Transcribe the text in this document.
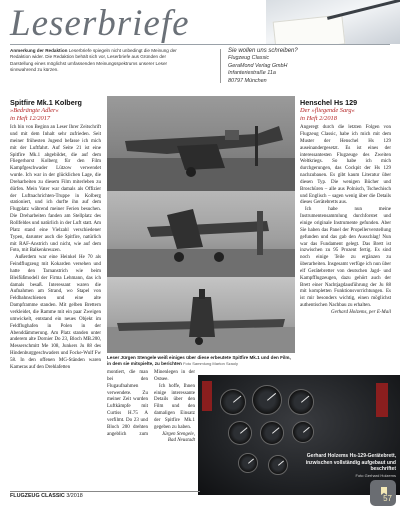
Leserbriefe
Anmerkung der Redaktion Leserbriefe spiegeln nicht unbedingt die Meinung der Redaktion wider. Die Redaktion behält sich vor, Leserbriefe aus Gründen der Darstellung eines möglichst umfassenden Meinungsspektrums unserer Leser sinnwahrend zu kürzen.
Sie wollen uns schreiben?
Flugzeug Classic
GeraMond Verlag GmbH
Infanteriestraße 11a
80797 München
Spitfire Mk.1 Kolberg
»Bedrängte Adler«
in Heft 12/2017

Ich bin von Beginn an Leser Ihrer Zeitschrift und mit dem Inhalt sehr zufrieden. Seit meiner frühesten Jugend befasse ich mich mit der Luftfahrt. Auf Seite 21 ist eine Spitfire Mk.1 abgebildet, die auf dem Fliegerhorst Kolberg für den Film Kampfgeschwader Lützow verwendet wurde. Ich war in der glücklichen Lage, die Dreharbeiten zu diesem Film miterleben zu dürfen. Mein Vater war damals als Offizier der Luftnachrichten-Truppe in Kolberg stationiert, und ich durfte ihn auf dem Flugplatz während meiner Ferien besuchen. Die Dreharbeiten fanden am Stellplatz des Rollfeldes und natürlich in der Luft statt. Am Platz stand eine Vielzahl verschiedener Typen, darunter auch die Spitfire, natürlich mit RAF-Anstrich und nicht, wie auf dem Foto, mit Balkenkreuzen.

Außerdem war eine Heinkel He 70 als Feindflugzeug mit Kokarden versehen und hatte den Tarnanstrich wie beim Bleifüßmodell der Firma Lehmann, das ich damals besaß. Interessant waren die Aufnahmen am Strand, wo Stapel von Feldbahnschienen und eine alte Dampframme standen. Mit gelben Brettern verkleidet, die Ramme mit ein paar Zweigen umwickelt, entstand ein neues Objekt im Feldflughafen in Polen in der Abenddämmerung. Am Platz standen unter anderem alte Dornier Do 23, Bloch MB.200, Messerschmitt Me 108, Junkers Ju 88 des Hindenburggeschwaders und Focke-Wulf Fw 58. In den offenen MG-Ständen waren Kameras auf den Drehlafetten

Leser Jürgen Stengele weiß einiges über diese erbeutete Spitfire Mk.1 und den Film, in dem sie mitspielte, zu berichten Foto Sammlung Marton Szaoly

montiert, die man bei den Flugaufnahmen verwendete. Zu meiner Zeit wurden Luftkämpfe mit Curtiss H.75 A verfilmt. Do 23 und Bloch 200 drehten angeblich zum Minenlegen in der Ostsee.

Ich hoffe, Ihnen einige interessante Details über den Film und den damaligen Einsatz der Spitfire Mk.1 gegeben zu haben.

Jürgen Stengele, Bad Neustadt
Henschel Hs 129
Der »fliegende Sarg«
in Heft 2/2018

Angeregt durch die letzten Folgen von Flugzeug Classic, habe ich mich mit dem Muster der Henschel Hs 129 auseinandergesetzt. Es ist eines der interessantesten Flugzeuge des Zweiten Weltkriegs. So habe ich mich durchgerungen, das Cockpit der Hs 129 nachzubauen. Es gibt kaum Literatur über diesen Typ. Die wenigen Bücher und Broschüren – alle aus Polnisch, Tschechisch und Englisch – sagen wenig über die Details dieses Gerätebretts aus.

Ich habe nun meine Instrumentensammlung durchforstet und einige originale Instrumente gefunden. Aber Sie haben das Panel der Propellerverstellung gefunden und das gab den Ausschlag! Nun war das Fundament gelegt. Das Brett ist inzwischen zu 95 Prozent fertig. Es sind noch einige Teile zu ergänzen zu überarbeiten. Insgesamt verfüge ich nun über elf Gerätebretter von deutschen Jagd- und Kampfflugzeugen, dazu gehört auch der Brett einer Nachtjagdausführung der Ju 88 mit kompletten Funktionsvorrichtungen. Es ist mir besonders wichtig, einen möglichst authentischen Nachbau zu erhalten.

Gerhard Holzems, per E-Mail
Gerhard Holzems Hs-129-Gerätebrett, inzwischen vollständig aufgebaut und beschriftet
Foto Gerhard Holzems
FLUGZEUG CLASSIC 3/2018	57
